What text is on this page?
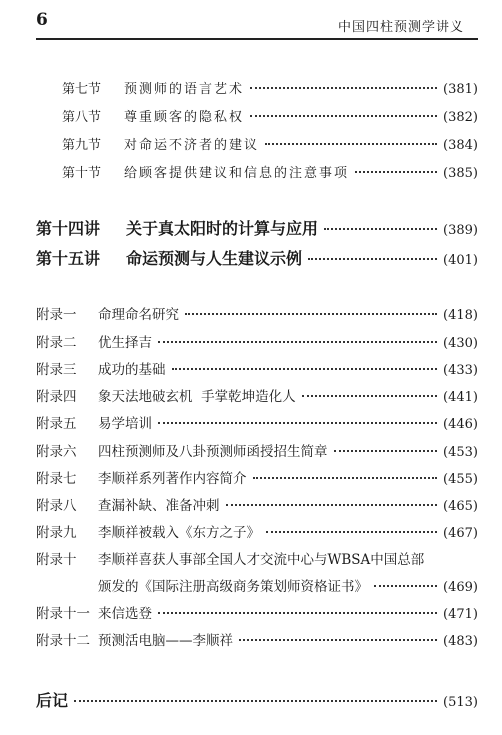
6	中国四柱预测学讲义
第七节	预测师的语言艺术	(381)
第八节	尊重顾客的隐私权	(382)
第九节	对命运不济者的建议	(384)
第十节	给顾客提供建议和信息的注意事项	(385)
第十四讲	关于真太阳时的计算与应用	(389)
第十五讲	命运预测与人生建议示例	(401)
附录一	命理命名研究	(418)
附录二	优生择吉	(430)
附录三	成功的基础	(433)
附录四	象天法地破玄机  手掌乾坤造化人	(441)
附录五	易学培训	(446)
附录六	四柱预测师及八卦预测师函授招生简章	(453)
附录七	李顺祥系列著作内容简介	(455)
附录八	查漏补缺、准备冲刺	(465)
附录九	李顺祥被载入《东方之子》	(467)
附录十 李顺祥喜获人事部全国人才交流中心与WBSA中国总部
颁发的《国际注册高级商务策划师资格证书》	(469)
附录十一 来信选登	(471)
附录十二 预测活电脑——李顺祥	(483)
后记	(513)
